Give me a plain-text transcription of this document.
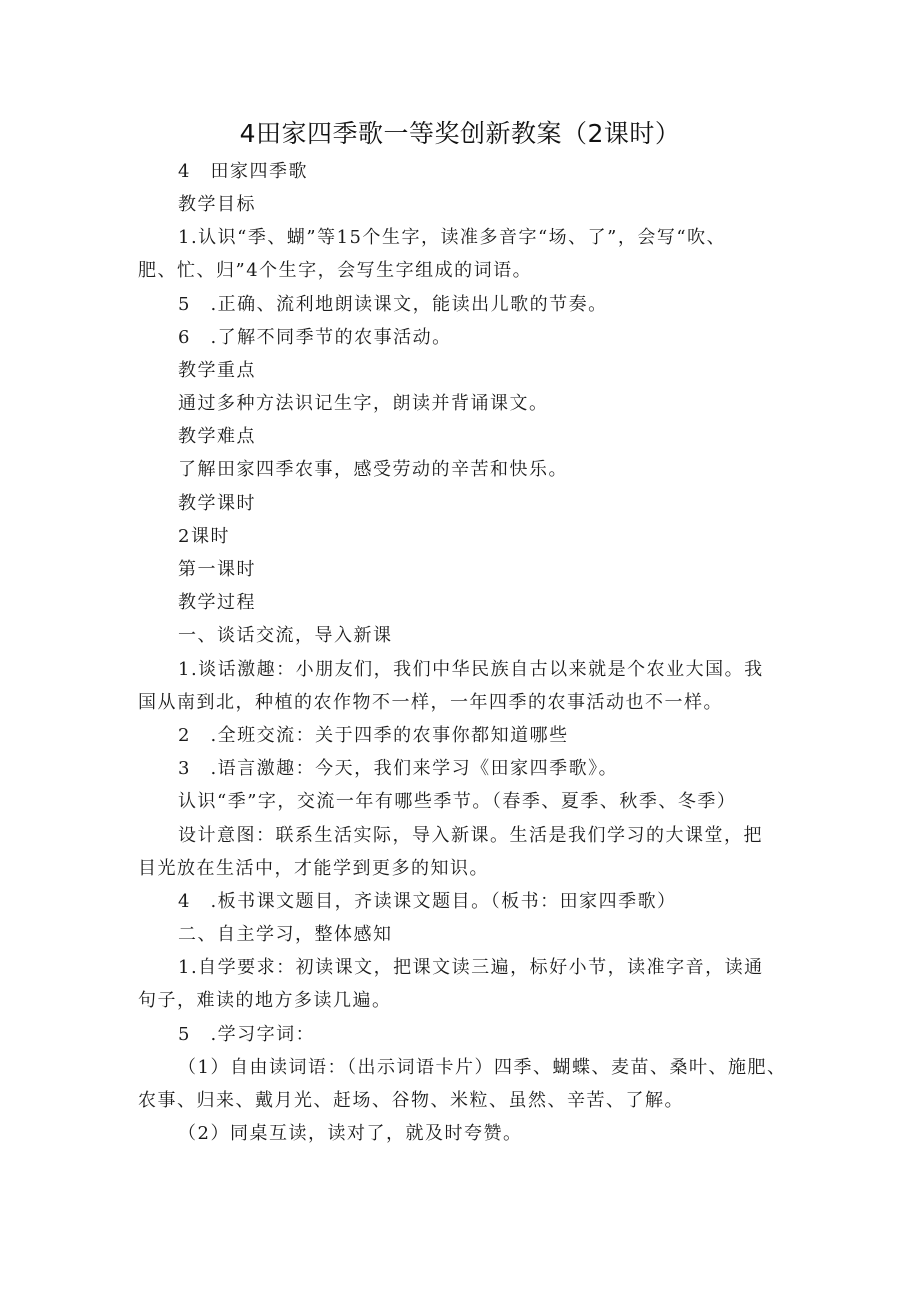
4田家四季歌一等奖创新教案（2课时）
4　田家四季歌
教学目标
1.认识“季、蝴”等15个生字，读准多音字“场、了”，会写“吹、
肥、忙、归”4个生字，会写生字组成的词语。
5　.正确、流利地朗读课文，能读出儿歌的节奏。
6　.了解不同季节的农事活动。
教学重点
通过多种方法识记生字，朗读并背诵课文。
教学难点
了解田家四季农事，感受劳动的辛苦和快乐。
教学课时
2课时
第一课时
教学过程
一、谈话交流，导入新课
1.谈话激趣：小朋友们，我们中华民族自古以来就是个农业大国。我
国从南到北，种植的农作物不一样，一年四季的农事活动也不一样。
2　.全班交流：关于四季的农事你都知道哪些
3　.语言激趣：今天，我们来学习《田家四季歌》。
认识“季”字，交流一年有哪些季节。（春季、夏季、秋季、冬季）
设计意图：联系生活实际，导入新课。生活是我们学习的大课堂，把
目光放在生活中，才能学到更多的知识。
4　.板书课文题目，齐读课文题目。（板书：田家四季歌）
二、自主学习，整体感知
1.自学要求：初读课文，把课文读三遍，标好小节，读准字音，读通
句子，难读的地方多读几遍。
5　.学习字词：
（1）自由读词语：（出示词语卡片）四季、蝴蝶、麦苗、桑叶、施肥、
农事、归来、戴月光、赶场、谷物、米粒、虽然、辛苦、了解。
（2）同桌互读，读对了，就及时夸赞。
